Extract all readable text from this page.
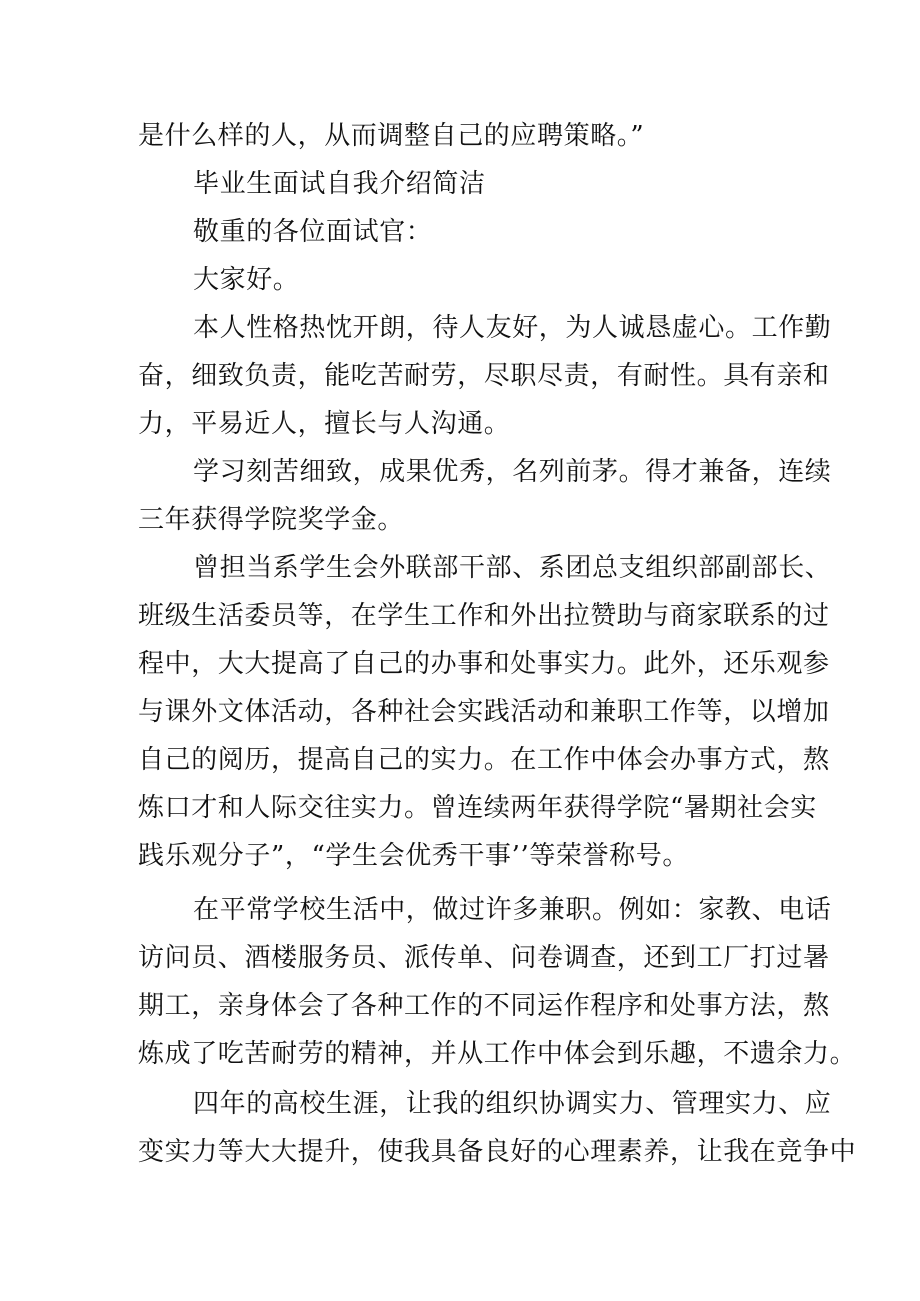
是什么样的人，从而调整自己的应聘策略。”
毕业生面试自我介绍简洁
敬重的各位面试官：
大家好。
本人性格热忱开朗，待人友好，为人诚恳虚心。工作勤
奋，细致负责，能吃苦耐劳，尽职尽责，有耐性。具有亲和
力，平易近人，擅长与人沟通。
学习刻苦细致，成果优秀，名列前茅。得才兼备，连续
三年获得学院奖学金。
曾担当系学生会外联部干部、系团总支组织部副部长、
班级生活委员等，在学生工作和外出拉赞助与商家联系的过
程中，大大提高了自己的办事和处事实力。此外，还乐观参
与课外文体活动，各种社会实践活动和兼职工作等，以增加
自己的阅历，提高自己的实力。在工作中体会办事方式，熬
炼口才和人际交往实力。曾连续两年获得学院“暑期社会实
践乐观分子”，“学生会优秀干事’’等荣誉称号。
在平常学校生活中，做过许多兼职。例如：家教、电话
访问员、酒楼服务员、派传单、问卷调查，还到工厂打过暑
期工，亲身体会了各种工作的不同运作程序和处事方法，熬
炼成了吃苦耐劳的精神，并从工作中体会到乐趣，不遗余力。
四年的高校生涯，让我的组织协调实力、管理实力、应
变实力等大大提升，使我具备良好的心理素养，让我在竞争中
